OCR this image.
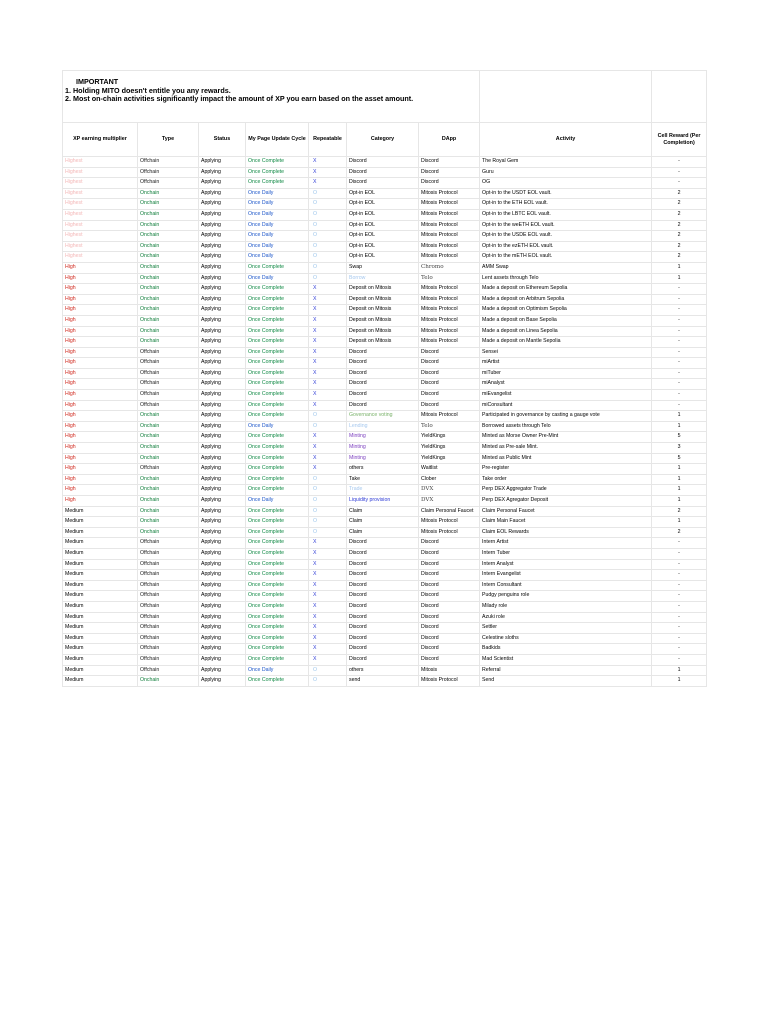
IMPORTANT
1. Holding MITO doesn't entitle you any rewards.
2. Most on-chain activities significantly impact the amount of XP you earn based on the asset amount.								

XP earning multiplier	Type	Status	My Page Update Cycle	Repeatable	Category	DApp	Activity	Cell Reward (Per Completion)
Highest	Offchain	Applying	Once Complete	X	Discord	Discord	The Royal Gem	-
Highest	Offchain	Applying	Once Complete	X	Discord	Discord	Guru	-
Highest	Offchain	Applying	Once Complete	X	Discord	Discord	OG	-
Highest	Onchain	Applying	Once Daily	O	Opt-in EOL	Mitosis Protocol	Opt-in to the USDT EOL vault.	2
Highest	Onchain	Applying	Once Daily	O	Opt-in EOL	Mitosis Protocol	Opt-in to the ETH EOL vault.	2
Highest	Onchain	Applying	Once Daily	O	Opt-in EOL	Mitosis Protocol	Opt-in to the LBTC EOL vault.	2
Highest	Onchain	Applying	Once Daily	O	Opt-in EOL	Mitosis Protocol	Opt-in to the weETH EOL vault.	2
Highest	Onchain	Applying	Once Daily	O	Opt-in EOL	Mitosis Protocol	Opt-in to the USDE EOL vault.	2
Highest	Onchain	Applying	Once Daily	O	Opt-in EOL	Mitosis Protocol	Opt-in to the ezETH EOL vault.	2
Highest	Onchain	Applying	Once Daily	O	Opt-in EOL	Mitosis Protocol	Opt-in to the mETH EOL vault.	2
High	Onchain	Applying	Once Complete	O	Swap	Chromo	AMM Swap	1
High	Onchain	Applying	Once Daily	O	Borrow	Telo	Lent assets through Telo	1
High	Onchain	Applying	Once Complete	X	Deposit on Mitosis	Mitosis Protocol	Made a deposit on Ethereum Sepolia	-
High	Onchain	Applying	Once Complete	X	Deposit on Mitosis	Mitosis Protocol	Made a deposit on Arbitrum Sepolia	-
High	Onchain	Applying	Once Complete	X	Deposit on Mitosis	Mitosis Protocol	Made a deposit on Optimism Sepolia	-
High	Onchain	Applying	Once Complete	X	Deposit on Mitosis	Mitosis Protocol	Made a deposit on Base Sepolia	-
High	Onchain	Applying	Once Complete	X	Deposit on Mitosis	Mitosis Protocol	Made a deposit on Linea Sepolia	-
High	Onchain	Applying	Once Complete	X	Deposit on Mitosis	Mitosis Protocol	Made a deposit on Mantle Sepolia	-
High	Offchain	Applying	Once Complete	X	Discord	Discord	Sensei	-
High	Offchain	Applying	Once Complete	X	Discord	Discord	miArtist	-
High	Offchain	Applying	Once Complete	X	Discord	Discord	miTuber	-
High	Offchain	Applying	Once Complete	X	Discord	Discord	miAnalyst	-
High	Offchain	Applying	Once Complete	X	Discord	Discord	miEvangelist	-
High	Offchain	Applying	Once Complete	X	Discord	Discord	miConsultant	-
High	Onchain	Applying	Once Complete	O	Governance voting	Mitosis Protocol	Participated in governance by casting a gauge vote	1
High	Onchain	Applying	Once Daily	O	Lending	Telo	Borrowed assets through Telo	1
High	Onchain	Applying	Once Complete	X	Minting	YieldKings	Minted as Morse Owner Pre-Mint	5
High	Onchain	Applying	Once Complete	X	Minting	YieldKings	Minted as Pre-sale Mint.	3
High	Onchain	Applying	Once Complete	X	Minting	YieldKings	Minted as Public Mint	5
High	Offchain	Applying	Once Complete	X	others	Waitlist	Pre-register	1
High	Onchain	Applying	Once Complete	O	Take	Clober	Take order	1
High	Onchain	Applying	Once Complete	O	Trade	DVX	Perp DEX Aggregator Trade	1
High	Onchain	Applying	Once Daily	O	Liquidity provision	DVX	Perp DEX Agregator Deposit	1
Medium	Onchain	Applying	Once Complete	O	Claim	Claim Personal Faucet	Claim Personal Faucet	2
Medium	Onchain	Applying	Once Complete	O	Claim	Mitosis Protocol	Claim Main Faucet	1
Medium	Onchain	Applying	Once Complete	O	Claim	Mitosis Protocol	Claim EOL Rewards	2
Medium	Offchain	Applying	Once Complete	X	Discord	Discord	Intern Artist	-
Medium	Offchain	Applying	Once Complete	X	Discord	Discord	Intern Tuber	-
Medium	Offchain	Applying	Once Complete	X	Discord	Discord	Intern Analyst	-
Medium	Offchain	Applying	Once Complete	X	Discord	Discord	Intern Evangelist	-
Medium	Offchain	Applying	Once Complete	X	Discord	Discord	Intern Consultant	-
Medium	Offchain	Applying	Once Complete	X	Discord	Discord	Pudgy penguins role	-
Medium	Offchain	Applying	Once Complete	X	Discord	Discord	Milady role	-
Medium	Offchain	Applying	Once Complete	X	Discord	Discord	Azuki role	-
Medium	Offchain	Applying	Once Complete	X	Discord	Discord	Settler	-
Medium	Offchain	Applying	Once Complete	X	Discord	Discord	Celestine sloths	-
Medium	Offchain	Applying	Once Complete	X	Discord	Discord	Badkids	-
Medium	Offchain	Applying	Once Complete	X	Discord	Discord	Mad Scientist	-
Medium	Offchain	Applying	Once Daily	O	others	Mitosis	Referral	1
Medium	Onchain	Applying	Once Complete	O	send	Mitosis Protocol	Send	1
